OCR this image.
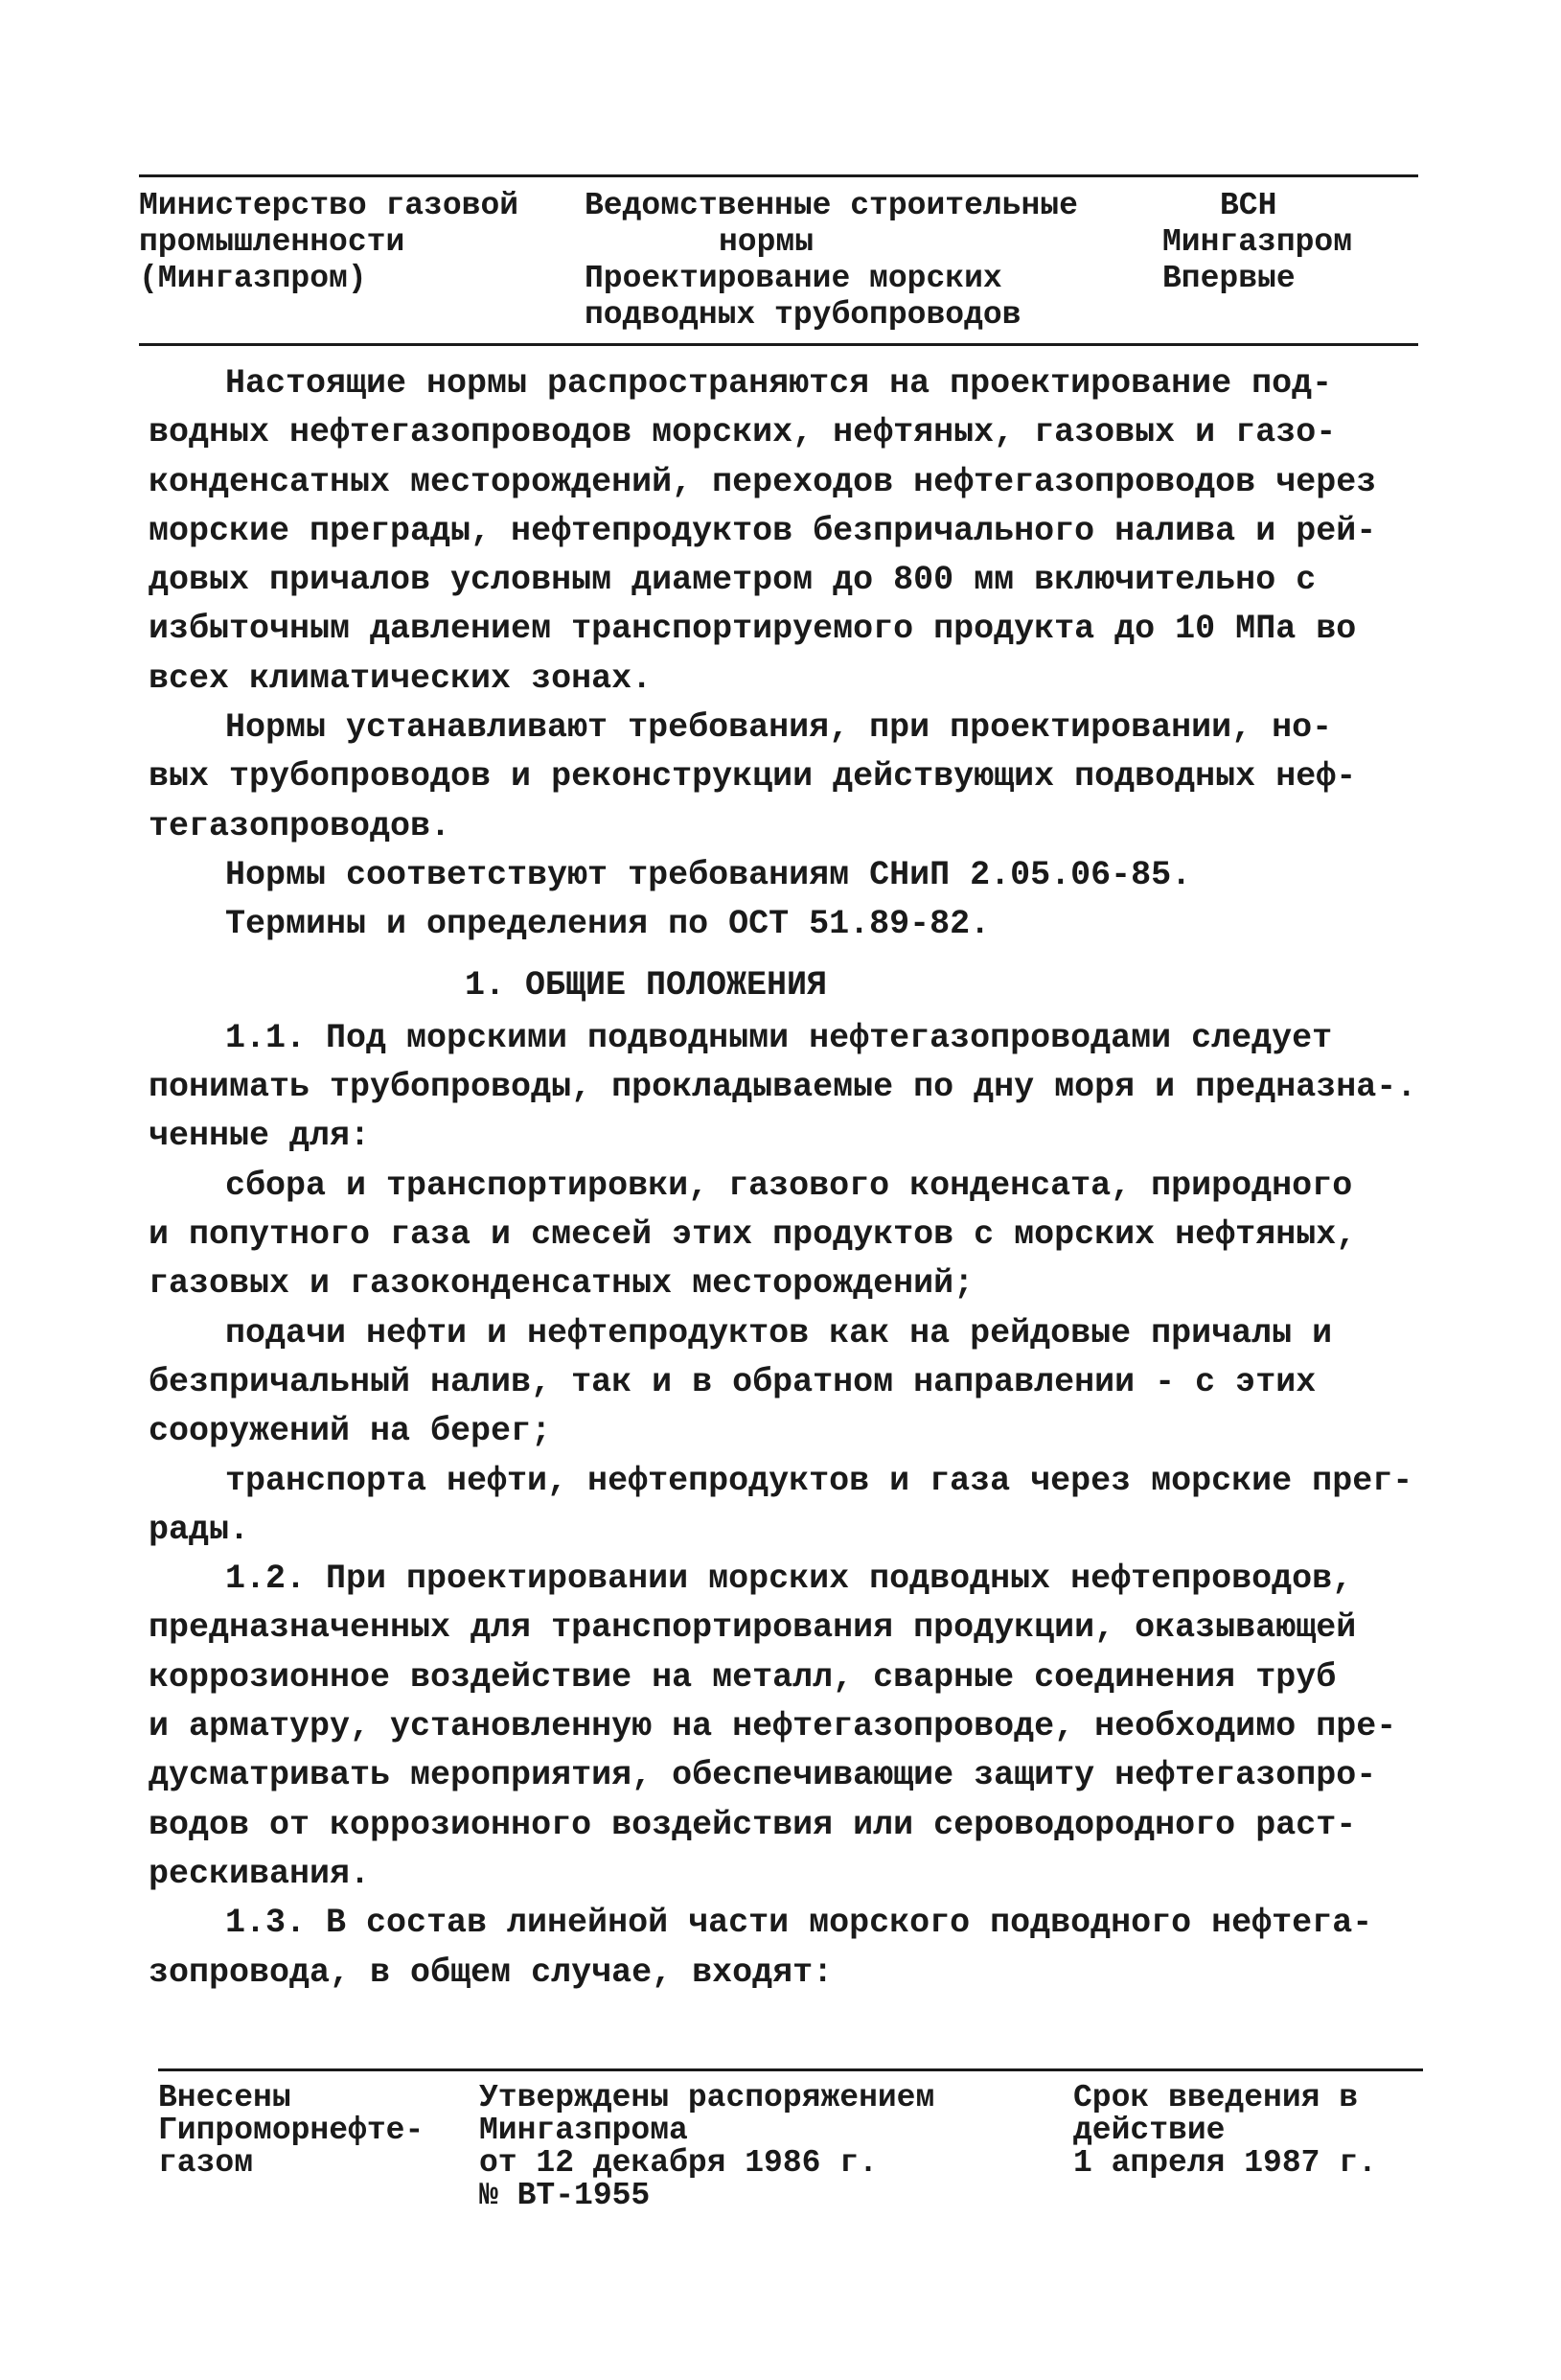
Министерство газовой
промышленности
(Мингазпром)
Ведомственные строительные
нормы
Проектирование морских
подводных трубопроводов
ВСН
Мингазпром
Впервые

Настоящие нормы распространяются на проектирование под-

водных нефтегазопроводов морских, нефтяных, газовых и газо-

конденсатных месторождений, переходов нефтегазопроводов через

морские преграды, нефтепродуктов безпричального налива и рей-

довых причалов условным диаметром до 800 мм включительно с

избыточным давлением транспортируемого продукта до 10 МПа во

всех климатических зонах.

Нормы устанавливают требования, при проектировании, но-

вых трубопроводов и реконструкции действующих подводных неф-

тегазопроводов.

Нормы соответствуют требованиям СНиП 2.05.06-85.

Термины и определения по ОСТ 51.89-82.

1. ОБЩИЕ ПОЛОЖЕНИЯ

1.1. Под морскими подводными нефтегазопроводами следует

понимать трубопроводы, прокладываемые по дну моря и предназна-.

ченные для:

сбора и транспортировки, газового конденсата, природного

и попутного газа и смесей этих продуктов с морских нефтяных,

газовых и газоконденсатных месторождений;

подачи нефти и нефтепродуктов как на рейдовые причалы и

безпричальный налив, так и в обратном направлении - с этих

сооружений на берег;

транспорта нефти, нефтепродуктов и газа через морские прег-

рады.

1.2. При проектировании морских подводных нефтепроводов,

предназначенных для транспортирования продукции, оказывающей

коррозионное воздействие на металл, сварные соединения труб

и арматуру, установленную на нефтегазопроводе, необходимо пре-

дусматривать мероприятия, обеспечивающие защиту нефтегазопро-

водов от коррозионного воздействия или сероводородного раст-

рескивания.

1.3. В состав линейной части морского подводного нефтега-

зопровода, в общем случае, входят:

Внесены
Гипроморнефте-
газом
Утверждены распоряжением
Мингазпрома
от 12 декабря 1986 г.
№ ВТ-1955
Срок введения в
действие
1 апреля 1987 г.
